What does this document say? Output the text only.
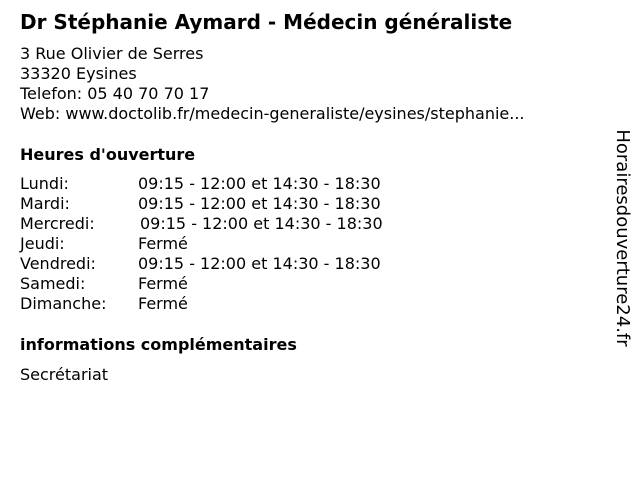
Dr Stéphanie Aymard - Médecin généraliste
3 Rue Olivier de Serres
33320 Eysines
Telefon: 05 40 70 70 17
Web: www.doctolib.fr/medecin-generaliste/eysines/stephanie...
Heures d'ouverture
Lundi:	09:15 - 12:00 et 14:30 - 18:30
Mardi:	09:15 - 12:00 et 14:30 - 18:30
Mercredi:	09:15 - 12:00 et 14:30 - 18:30
Jeudi:	Fermé
Vendredi:	09:15 - 12:00 et 14:30 - 18:30
Samedi:	Fermé
Dimanche: Fermé
informations complémentaires
Secrétariat
Horairesdouverture24.fr
